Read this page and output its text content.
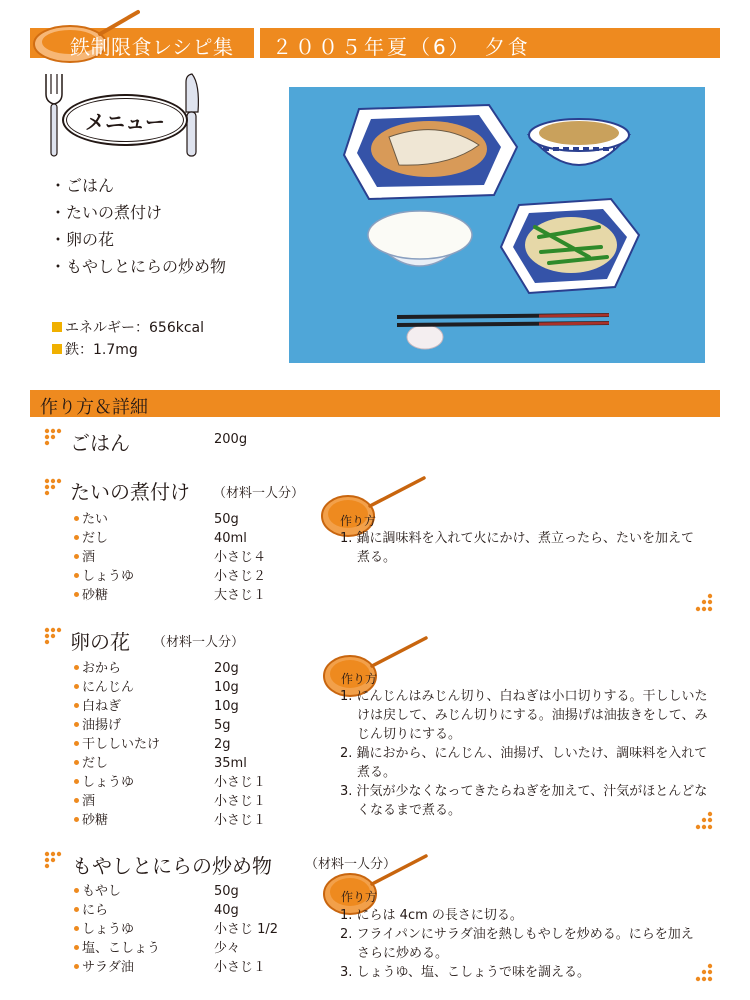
鉄制限食レシピ集 ２００５年夏（6）　夕食
メニュー
・ごはん
・たいの煮付け
・卵の花
・もやしとにらの炒め物
エネルギー：656kcal
鉄：1.7mg
作り方＆詳細
ごはん	200g
たいの煮付け （材料一人分）
たい	50g
だし	40ml
酒	小さじ４
しょうゆ	小さじ２
砂糖	大さじ１
作り方
1. 鍋に調味料を入れて火にかけ、煮立ったら、たいを加えて煮る。
卵の花 （材料一人分）
おから	20g
にんじん	10g
白ねぎ	10g
油揚げ	5g
干ししいたけ	2g
だし	35ml
しょうゆ	小さじ１
酒	小さじ１
砂糖	小さじ１
作り方
1. にんじんはみじん切り、白ねぎは小口切りする。干ししいたけは戻して、みじん切りにする。油揚げは油抜きをして、みじん切りにする。
2. 鍋におから、にんじん、油揚げ、しいたけ、調味料を入れて煮る。
3. 汁気が少なくなってきたらねぎを加えて、汁気がほとんどなくなるまで煮る。
もやしとにらの炒め物	（材料一人分）
もやし	50g
にら	40g
しょうゆ	小さじ 1/2
塩、こしょう	少々
サラダ油	小さじ１
作り方
1. にらは 4cm の長さに切る。
2. フライパンにサラダ油を熱しもやしを炒める。にらを加えさらに炒める。
3. しょうゆ、塩、こしょうで味を調える。
